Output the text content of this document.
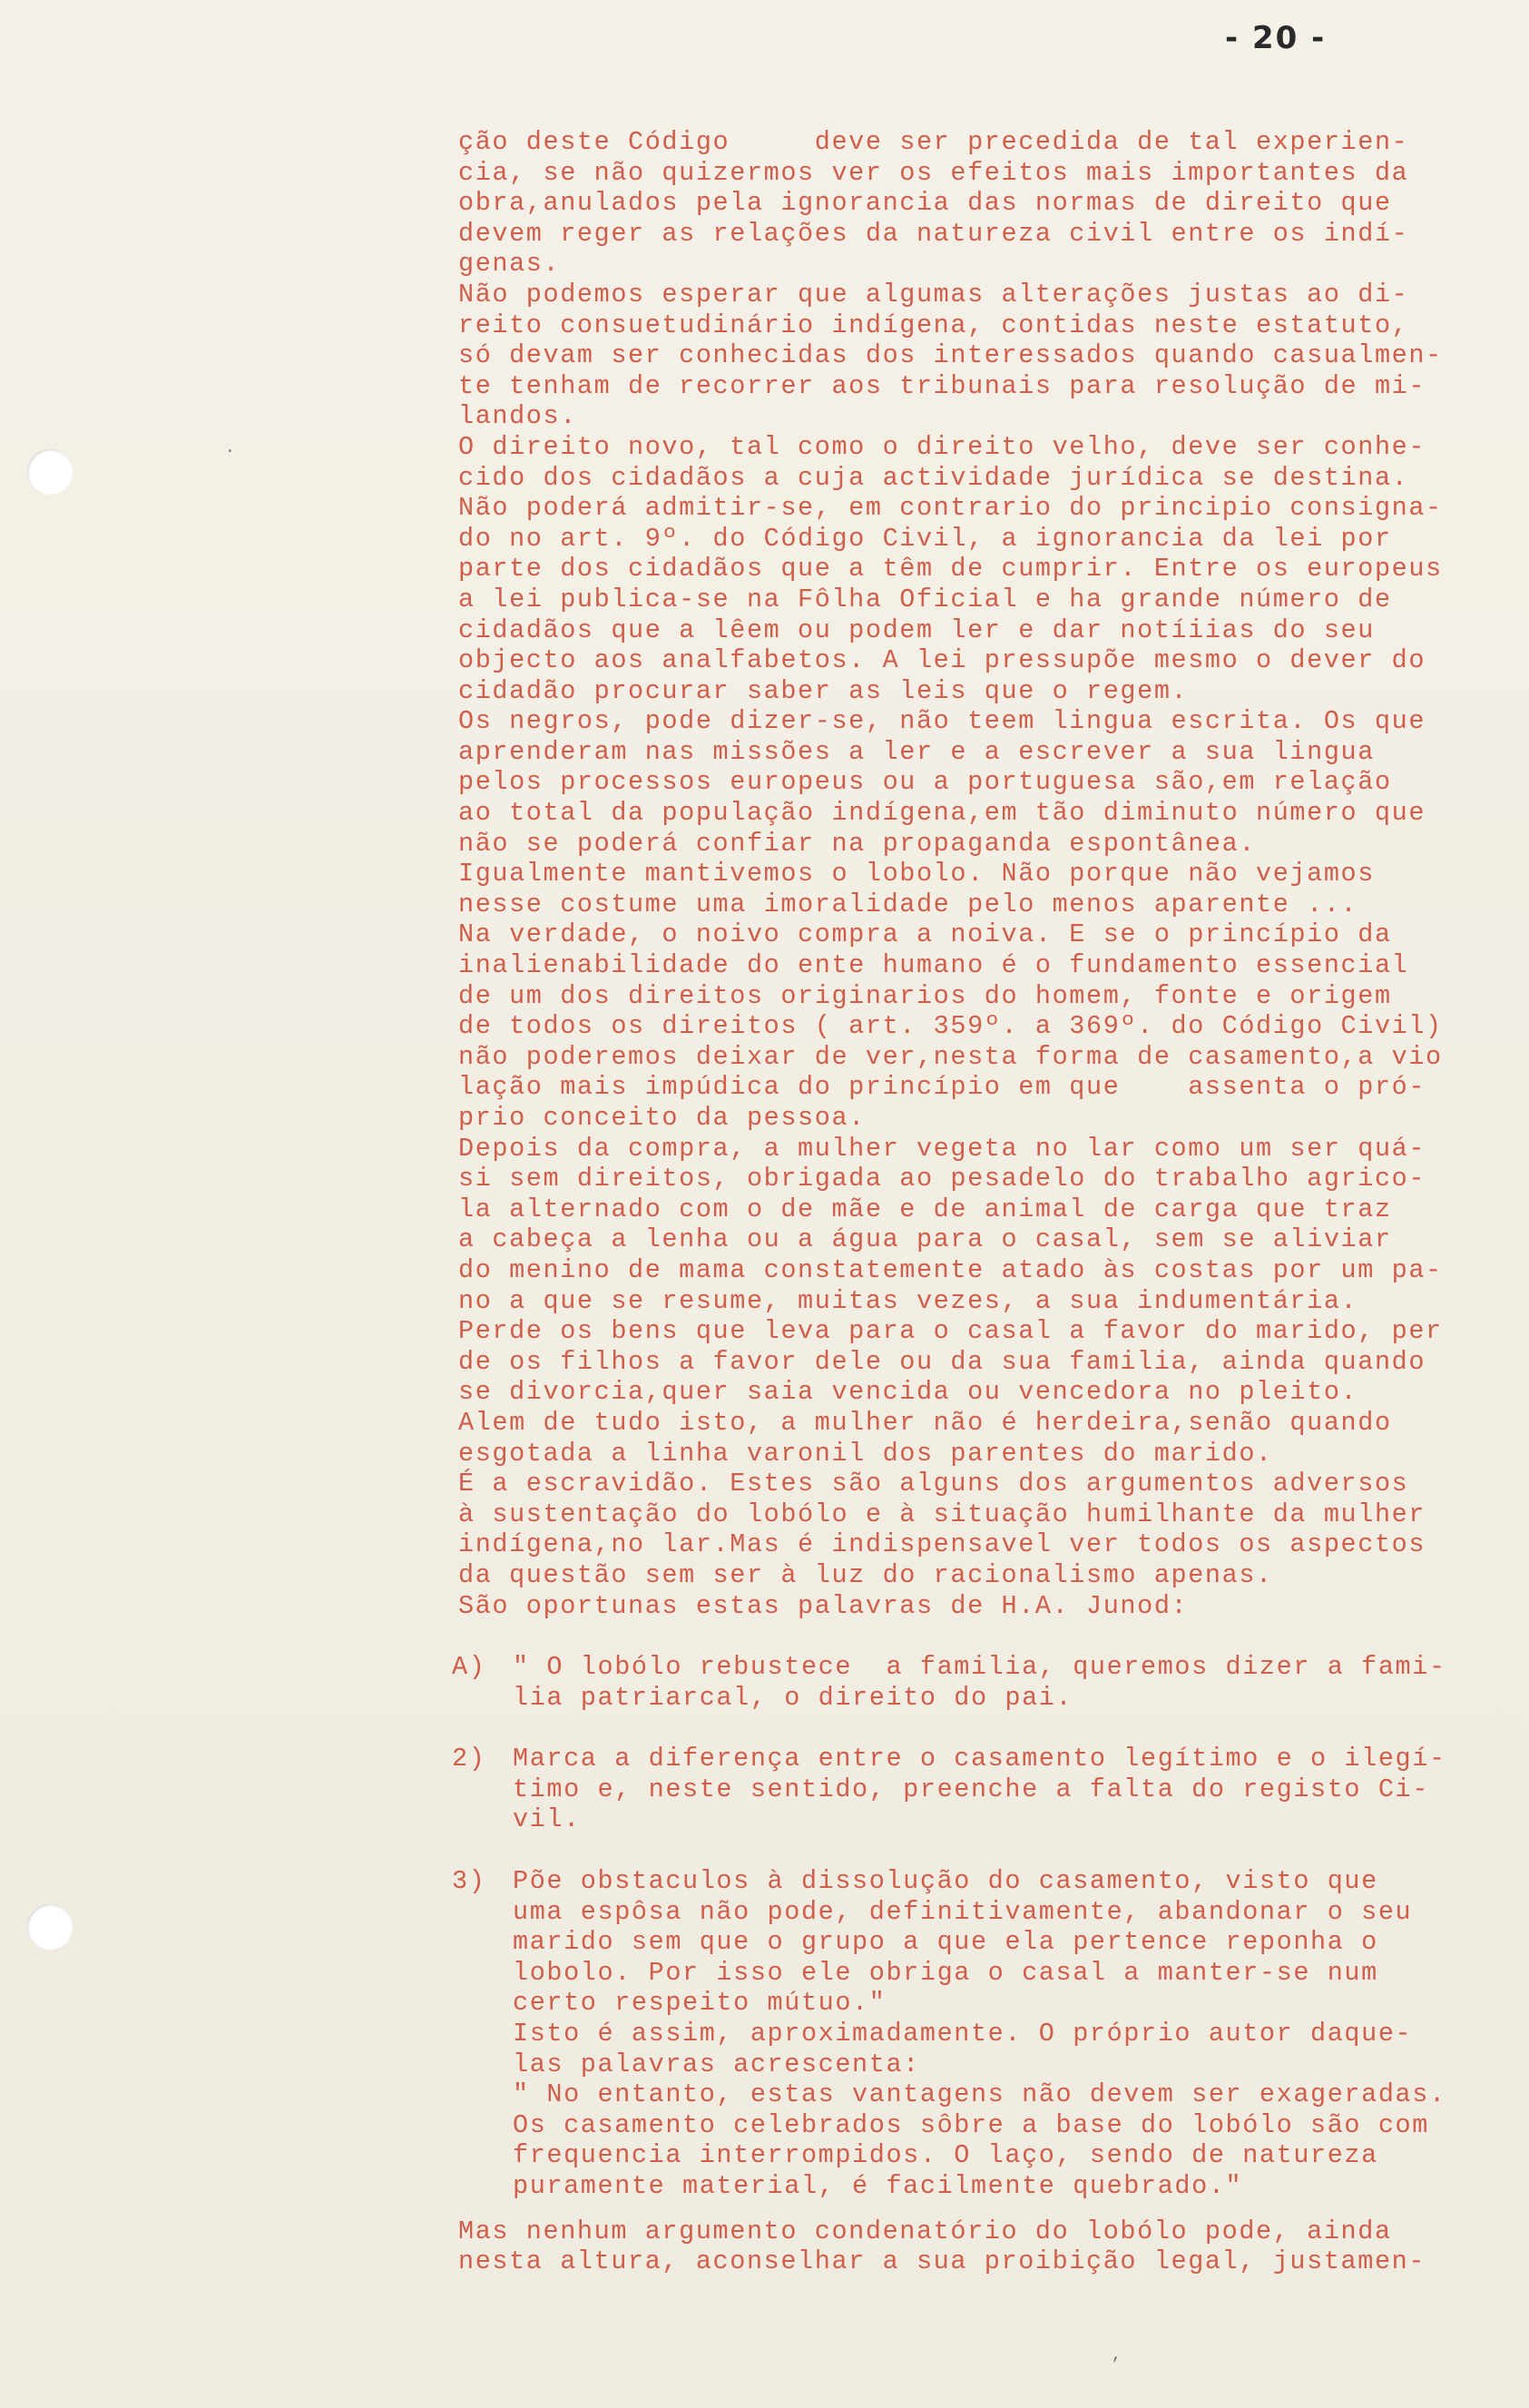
- 20 -

ção deste Código     deve ser precedida de tal experien-
cia, se não quizermos ver os efeitos mais importantes da
obra,anulados pela ignorancia das normas de direito que
devem reger as relações da natureza civil entre os indí-
genas.

Não podemos esperar que algumas alterações justas ao di-
reito consuetudinário indígena, contidas neste estatuto,
só devam ser conhecidas dos interessados quando casualmen-
te tenham de recorrer aos tribunais para resolução de mi-
landos.

O direito novo, tal como o direito velho, deve ser conhe-
cido dos cidadãos a cuja actividade jurídica se destina.
Não poderá admitir-se, em contrario do principio consigna-
do no art. 9º. do Código Civil, a ignorancia da lei por
parte dos cidadãos que a têm de cumprir. Entre os europeus
a lei publica-se na Fôlha Oficial e ha grande número de
cidadãos que a lêem ou podem ler e dar notíiias do seu
objecto aos analfabetos. A lei pressupõe mesmo o dever do
cidadão procurar saber as leis que o regem.

Os negros, pode dizer-se, não teem lingua escrita. Os que
aprenderam nas missões a ler e a escrever a sua lingua
pelos processos europeus ou a portuguesa são,em relação
ao total da população indígena,em tão diminuto número que
não se poderá confiar na propaganda espontânea.

Igualmente mantivemos o lobolo. Não porque não vejamos
nesse costume uma imoralidade pelo menos aparente ...

Na verdade, o noivo compra a noiva. E se o princípio da
inalienabilidade do ente humano é o fundamento essencial
de um dos direitos originarios do homem, fonte e origem
de todos os direitos ( art. 359º. a 369º. do Código Civil)
não poderemos deixar de ver,nesta forma de casamento,a vio
lação mais impúdica do princípio em que    assenta o pró-
prio conceito da pessoa.

Depois da compra, a mulher vegeta no lar como um ser quá-
si sem direitos, obrigada ao pesadelo do trabalho agrico-
la alternado com o de mãe e de animal de carga que traz
a cabeça a lenha ou a água para o casal, sem se aliviar
do menino de mama constatemente atado às costas por um pa-
no a que se resume, muitas vezes, a sua indumentária.

Perde os bens que leva para o casal a favor do marido, per
de os filhos a favor dele ou da sua familia, ainda quando
se divorcia,quer saia vencida ou vencedora no pleito.

Alem de tudo isto, a mulher não é herdeira,senão quando
esgotada a linha varonil dos parentes do marido.

É a escravidão. Estes são alguns dos argumentos adversos
à sustentação do lobólo e à situação humilhante da mulher
indígena,no lar.Mas é indispensavel ver todos os aspectos
da questão sem ser à luz do racionalismo apenas.

São oportunas estas palavras de H.A. Junod:

A) " O lobólo rebustece  a familia, queremos dizer a fami-
lia patriarcal, o direito do pai.
2) Marca a diferença entre o casamento legítimo e o ilegí-
timo e, neste sentido, preenche a falta do registo Ci-
vil.
3) Põe obstaculos à dissolução do casamento, visto que
uma espôsa não pode, definitivamente, abandonar o seu
marido sem que o grupo a que ela pertence reponha o
lobolo. Por isso ele obriga o casal a manter-se num
certo respeito mútuo."
Isto é assim, aproximadamente. O próprio autor daque-
las palavras acrescenta:
" No entanto, estas vantagens não devem ser exageradas.
Os casamento celebrados sôbre a base do lobólo são com
frequencia interrompidos. O laço, sendo de natureza
puramente material, é facilmente quebrado."

Mas nenhum argumento condenatório do lobólo pode, ainda
nesta altura, aconselhar a sua proibição legal, justamen-

·
,
